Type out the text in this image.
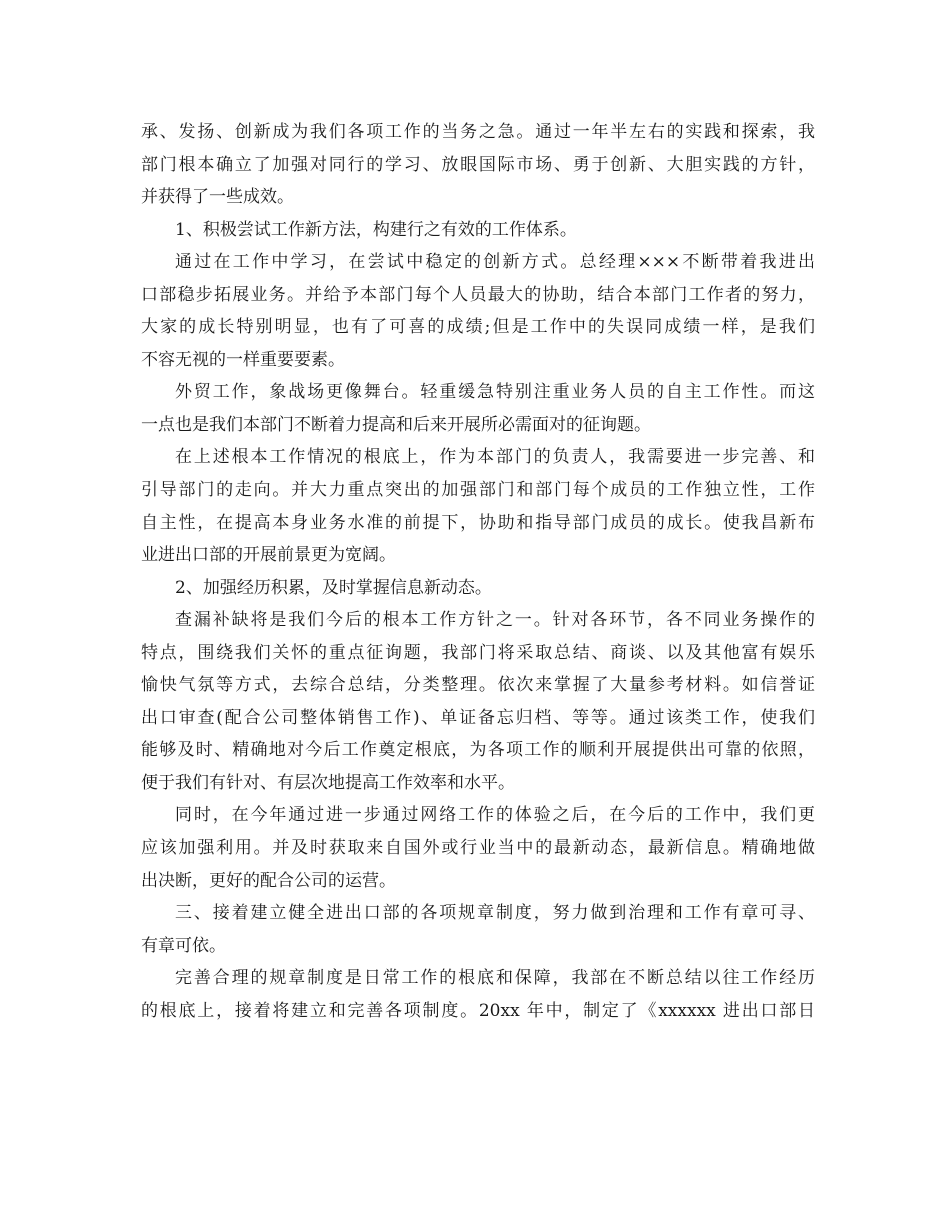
承、发扬、创新成为我们各项工作的当务之急。通过一年半左右的实践和探索，我
部门根本确立了加强对同行的学习、放眼国际市场、勇于创新、大胆实践的方针，
并获得了一些成效。
1、积极尝试工作新方法，构建行之有效的工作体系。
通过在工作中学习，在尝试中稳定的创新方式。总经理×××不断带着我进出
口部稳步拓展业务。并给予本部门每个人员最大的协助，结合本部门工作者的努力，
大家的成长特别明显，也有了可喜的成绩;但是工作中的失误同成绩一样，是我们
不容无视的一样重要要素。
外贸工作，象战场更像舞台。轻重缓急特别注重业务人员的自主工作性。而这
一点也是我们本部门不断着力提高和后来开展所必需面对的征询题。
在上述根本工作情况的根底上，作为本部门的负责人，我需要进一步完善、和
引导部门的走向。并大力重点突出的加强部门和部门每个成员的工作独立性，工作
自主性，在提高本身业务水准的前提下，协助和指导部门成员的成长。使我昌新布
业进出口部的开展前景更为宽阔。
2、加强经历积累，及时掌握信息新动态。
查漏补缺将是我们今后的根本工作方针之一。针对各环节，各不同业务操作的
特点，围绕我们关怀的重点征询题，我部门将采取总结、商谈、以及其他富有娱乐
愉快气氛等方式，去综合总结，分类整理。依次来掌握了大量参考材料。如信誉证
出口审查(配合公司整体销售工作)、单证备忘归档、等等。通过该类工作，使我们
能够及时、精确地对今后工作奠定根底，为各项工作的顺利开展提供出可靠的依照，
便于我们有针对、有层次地提高工作效率和水平。
同时，在今年通过进一步通过网络工作的体验之后，在今后的工作中，我们更
应该加强利用。并及时获取来自国外或行业当中的最新动态，最新信息。精确地做
出决断，更好的配合公司的运营。
三、接着建立健全进出口部的各项规章制度，努力做到治理和工作有章可寻、
有章可依。
完善合理的规章制度是日常工作的根底和保障，我部在不断总结以往工作经历
的根底上，接着将建立和完善各项制度。20xx 年中，制定了《xxxxxx 进出口部日
